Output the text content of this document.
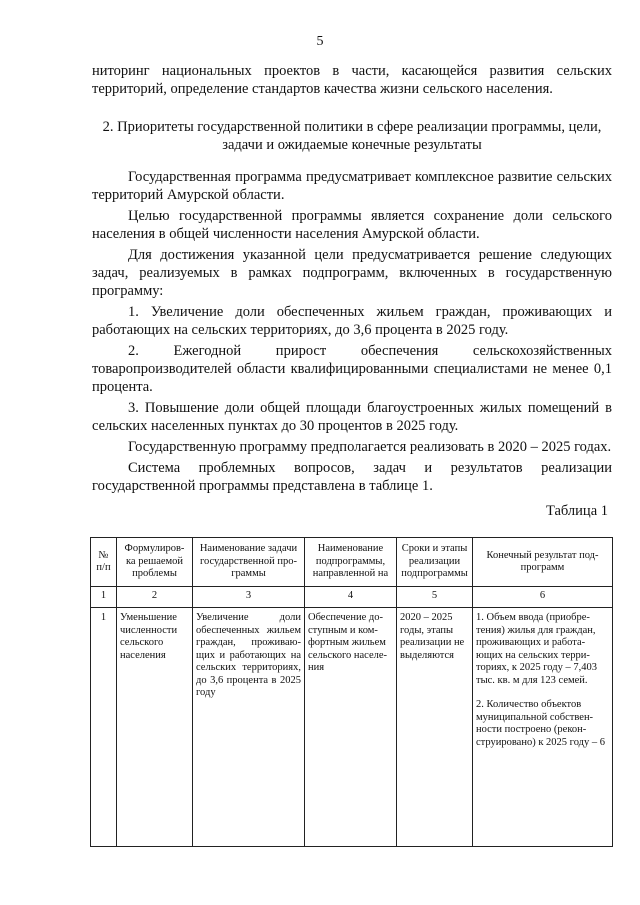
5

ниторинг национальных проектов в части, касающейся развития сельских территорий, определение стандартов качества жизни сельского населения.

2. Приоритеты государственной политики в сфере реализации программы, цели, задачи и ожидаемые конечные результаты

Государственная программа предусматривает комплексное развитие сельских территорий Амурской области.

Целью государственной программы является сохранение доли сельского населения в общей численности населения Амурской области.

Для достижения указанной цели предусматривается решение следующих задач, реализуемых в рамках подпрограмм, включенных в государственную программу:

1. Увеличение доли обеспеченных жильем граждан, проживающих и работающих на сельских территориях, до 3,6 процента в 2025 году.

2. Ежегодной прирост обеспечения сельскохозяйственных товаропроизводителей области квалифицированными специалистами не менее 0,1 процента.

3. Повышение доли общей площади благоустроенных жилых помещений в сельских населенных пунктах до 30 процентов в 2025 году.

Государственную программу предполагается реализовать в 2020 – 2025 годах.

Система проблемных вопросов, задач и результатов реализации государственной программы представлена в таблице 1.

Таблица 1
№ п/п	Формулиров-ка решаемой проблемы	Наименование задачи государственной про-граммы	Наименование подпрограммы, направленной на	Сроки и этапы реализации подпрограммы	Конечный результат под-программ
1	2	3	4	5	6
1	Уменьшение численности сельского населения	Увеличение доли обеспеченных жильем граждан, проживаю-щих и работающих на сельских территориях, до 3,6 процента в 2025 году	Обеспечение до-ступным и ком-фортным жильем сельского населе-ния	2020 – 2025 годы, этапы реализации не выделяются	1. Объем ввода (приобре-тения) жилья для граждан, проживающих и работа-ющих на сельских терри-ториях, к 2025 году – 7,403 тыс. кв. м для 123 семей.
2. Количество объектов муниципальной собствен-ности построено (рекон-струировано) к 2025 году – 6
